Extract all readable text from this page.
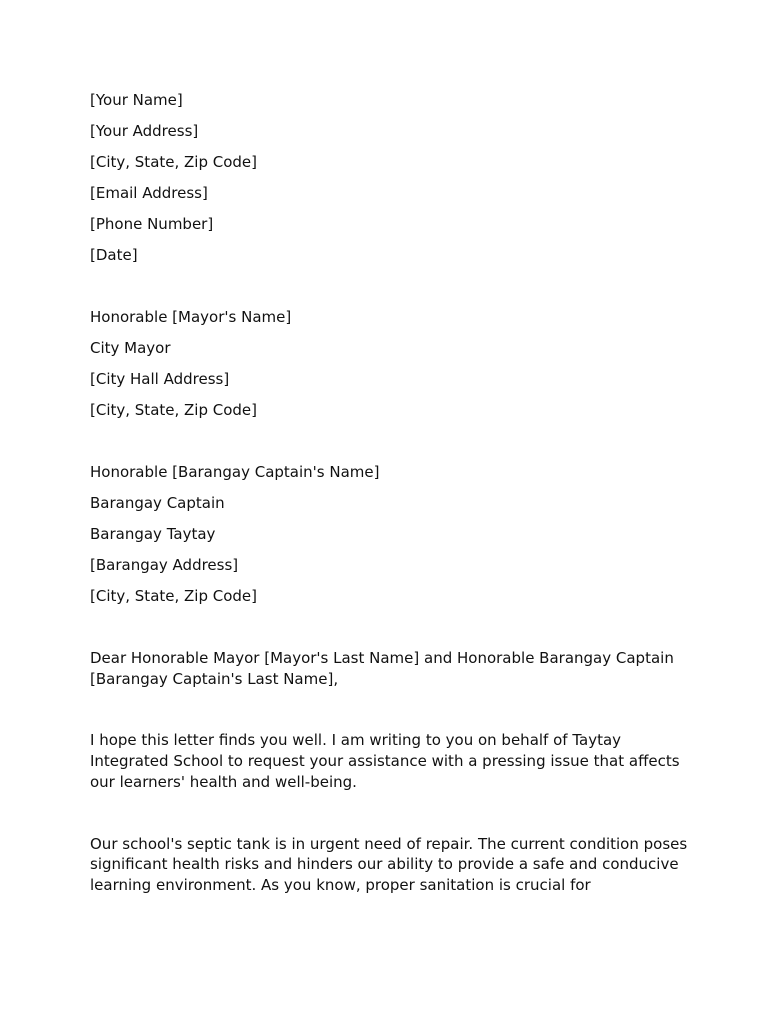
[Your Name]
[Your Address]
[City, State, Zip Code]
[Email Address]
[Phone Number]
[Date]
Honorable [Mayor's Name]
City Mayor
[City Hall Address]
[City, State, Zip Code]
Honorable [Barangay Captain's Name]
Barangay Captain
Barangay Taytay
[Barangay Address]
[City, State, Zip Code]

Dear Honorable Mayor [Mayor's Last Name] and Honorable Barangay Captain [Barangay Captain's Last Name],

I hope this letter finds you well. I am writing to you on behalf of Taytay Integrated School to request your assistance with a pressing issue that affects our learners' health and well-being.

Our school's septic tank is in urgent need of repair. The current condition poses significant health risks and hinders our ability to provide a safe and conducive learning environment. As you know, proper sanitation is crucial for
